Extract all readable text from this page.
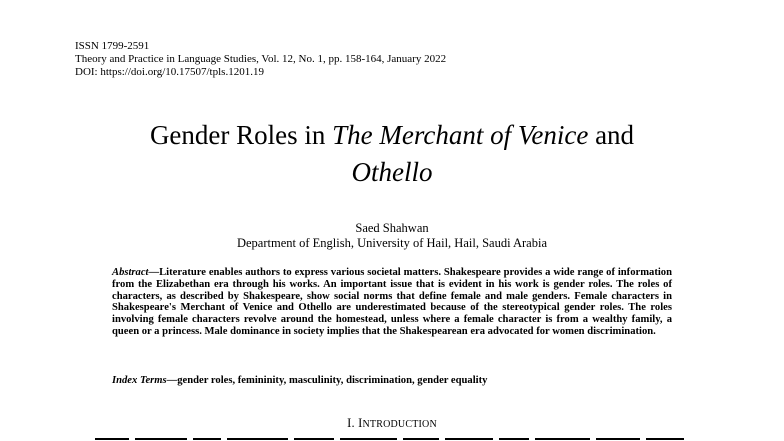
ISSN 1799-2591
Theory and Practice in Language Studies, Vol. 12, No. 1, pp. 158-164, January 2022
DOI: https://doi.org/10.17507/tpls.1201.19
Gender Roles in The Merchant of Venice and
Othello
Saed Shahwan
Department of English, University of Hail, Hail, Saudi Arabia
Abstract—Literature enables authors to express various societal matters. Shakespeare provides a wide range of information from the Elizabethan era through his works. An important issue that is evident in his work is gender roles. The roles of characters, as described by Shakespeare, show social norms that define female and male genders. Female characters in Shakespeare's Merchant of Venice and Othello are underestimated because of the stereotypical gender roles. The roles involving female characters revolve around the homestead, unless where a female character is from a wealthy family, a queen or a princess. Male dominance in society implies that the Shakespearean era advocated for women discrimination.
Index Terms—gender roles, femininity, masculinity, discrimination, gender equality
I. INTRODUCTION
